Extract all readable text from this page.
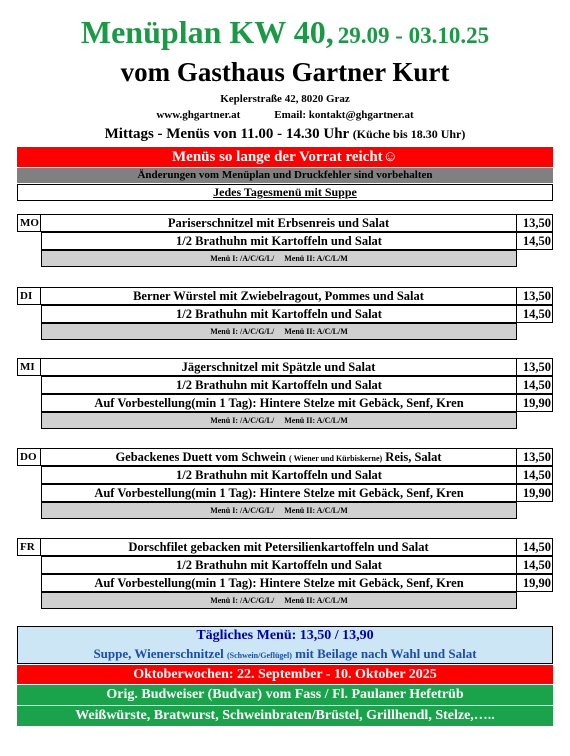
Menüplan KW 40, 29.09 - 03.10.25
vom Gasthaus Gartner Kurt
Keplerstraße 42, 8020 Graz
www.ghgartner.at	Email: kontakt@ghgartner.at
Mittags - Menüs von 11.00 - 14.30 Uhr (Küche bis 18.30 Uhr)
Menüs so lange der Vorrat reicht☺
Änderungen vom Menüplan und Druckfehler sind vorbehalten
Jedes Tagesmenü mit Suppe
MO	Pariserschnitzel mit Erbsenreis und Salat	13,50
1/2 Brathuhn mit Kartoffeln und Salat	14,50
Menü I: /A/C/G/L/ Menü II: A/C/L/M
DI	Berner Würstel mit Zwiebelragout, Pommes und Salat	13,50
1/2 Brathuhn mit Kartoffeln und Salat	14,50
Menü I: /A/C/G/L/ Menü II: A/C/L/M
MI	Jägerschnitzel mit Spätzle und Salat	13,50
1/2 Brathuhn mit Kartoffeln und Salat	14,50
Auf Vorbestellung(min 1 Tag): Hintere Stelze mit Gebäck, Senf, Kren	19,90
Menü I: /A/C/G/L/ Menü II: A/C/L/M
DO	Gebackenes Duett vom Schwein ( Wiener und Kürbiskerne) Reis, Salat	13,50
1/2 Brathuhn mit Kartoffeln und Salat	14,50
Auf Vorbestellung(min 1 Tag): Hintere Stelze mit Gebäck, Senf, Kren	19,90
Menü I: /A/C/G/L/ Menü II: A/C/L/M
FR	Dorschfilet gebacken mit Petersilienkartoffeln und Salat	14,50
1/2 Brathuhn mit Kartoffeln und Salat	14,50
Auf Vorbestellung(min 1 Tag): Hintere Stelze mit Gebäck, Senf, Kren	19,90
Menü I: /A/C/G/L/ Menü II: A/C/L/M
Tägliches Menü: 13,50 / 13,90
Suppe, Wienerschnitzel (Schwein/Geflügel) mit Beilage nach Wahl und Salat
Oktoberwochen: 22. September - 10. Oktober 2025
Orig. Budweiser (Budvar) vom Fass / Fl. Paulaner Hefetrüb
Weißwürste, Bratwurst, Schweinbraten/Brüstel, Grillhendl, Stelze,…..
